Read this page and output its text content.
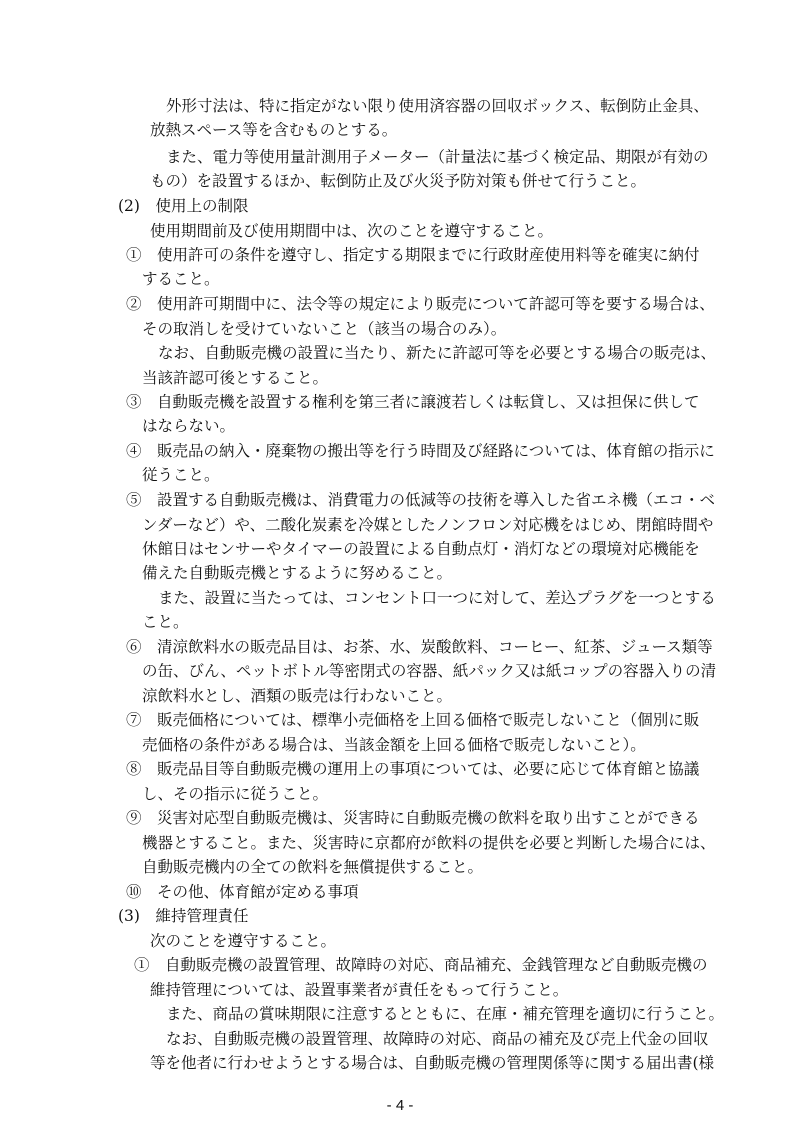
外形寸法は、特に指定がない限り使用済容器の回収ボックス、転倒防止金具、
放熱スペース等を含むものとする。
また、電力等使用量計測用子メーター（計量法に基づく検定品、期限が有効の
もの）を設置するほか、転倒防止及び火災予防対策も併せて行うこと。
(2)　使用上の制限
使用期間前及び使用期間中は、次のことを遵守すること。
①　使用許可の条件を遵守し、指定する期限までに行政財産使用料等を確実に納付
すること。
②　使用許可期間中に、法令等の規定により販売について許認可等を要する場合は、
その取消しを受けていないこと（該当の場合のみ）。
なお、自動販売機の設置に当たり、新たに許認可等を必要とする場合の販売は、
当該許認可後とすること。
③　自動販売機を設置する権利を第三者に譲渡若しくは転貸し、又は担保に供して
はならない。
④　販売品の納入・廃棄物の搬出等を行う時間及び経路については、体育館の指示に
従うこと。
⑤　設置する自動販売機は、消費電力の低減等の技術を導入した省エネ機（エコ・ベ
ンダーなど）や、二酸化炭素を冷媒としたノンフロン対応機をはじめ、閉館時間や
休館日はセンサーやタイマーの設置による自動点灯・消灯などの環境対応機能を
備えた自動販売機とするように努めること。
また、設置に当たっては、コンセント口一つに対して、差込プラグを一つとする
こと。
⑥　清涼飲料水の販売品目は、お茶、水、炭酸飲料、コーヒー、紅茶、ジュース類等
の缶、びん、ペットボトル等密閉式の容器、紙パック又は紙コップの容器入りの清
涼飲料水とし、酒類の販売は行わないこと。
⑦　販売価格については、標準小売価格を上回る価格で販売しないこと（個別に販
売価格の条件がある場合は、当該金額を上回る価格で販売しないこと）。
⑧　販売品目等自動販売機の運用上の事項については、必要に応じて体育館と協議
し、その指示に従うこと。
⑨　災害対応型自動販売機は、災害時に自動販売機の飲料を取り出すことができる
機器とすること。また、災害時に京都府が飲料の提供を必要と判断した場合には、
自動販売機内の全ての飲料を無償提供すること。
⑩　その他、体育館が定める事項
(3)　維持管理責任
次のことを遵守すること。
①　自動販売機の設置管理、故障時の対応、商品補充、金銭管理など自動販売機の
維持管理については、設置事業者が責任をもって行うこと。
また、商品の賞味期限に注意するとともに、在庫・補充管理を適切に行うこと。
なお、自動販売機の設置管理、故障時の対応、商品の補充及び売上代金の回収
等を他者に行わせようとする場合は、自動販売機の管理関係等に関する届出書(様
- 4 -
